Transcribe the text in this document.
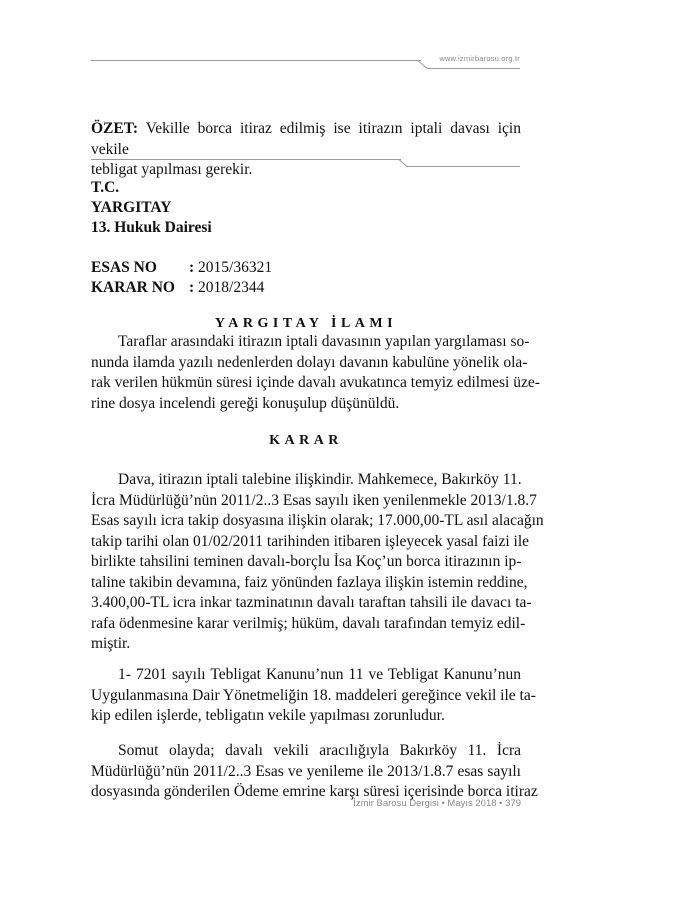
www.izmirbarosu.org.tr
ÖZET: Vekille borca itiraz edilmiş ise itirazın iptali davası için vekile
tebligat yapılması gerekir.
T.C.
YARGITAY
13. Hukuk Dairesi
ESAS NO : 2015/36321
KARAR NO : 2018/2344
YARGITAY İLAMI
Taraflar arasındaki itirazın iptali davasının yapılan yargılaması so-
nunda ilamda yazılı nedenlerden dolayı davanın kabulüne yönelik ola-
rak verilen hükmün süresi içinde davalı avukatınca temyiz edilmesi üze-
rine dosya incelendi gereği konuşulup düşünüldü.
KARAR
Dava, itirazın iptali talebine ilişkindir. Mahkemece, Bakırköy 11.
İcra Müdürlüğü’nün 2011/2..3 Esas sayılı iken yenilenmekle 2013/1.8.7
Esas sayılı icra takip dosyasına ilişkin olarak; 17.000,00-TL asıl alacağın
takip tarihi olan 01/02/2011 tarihinden itibaren işleyecek yasal faizi ile
birlikte tahsilini teminen davalı-borçlu İsa Koç’un borca itirazının ip-
taline takibin devamına, faiz yönünden fazlaya ilişkin istemin reddine,
3.400,00-TL icra inkar tazminatının davalı taraftan tahsili ile davacı ta-
rafa ödenmesine karar verilmiş; hüküm, davalı tarafından temyiz edil-
miştir.
1- 7201 sayılı Tebligat Kanunu’nun 11 ve Tebligat Kanunu’nun
Uygulanmasına Dair Yönetmeliğin 18. maddeleri gereğince vekil ile ta-
kip edilen işlerde, tebligatın vekile yapılması zorunludur.
Somut olayda; davalı vekili aracılığıyla Bakırköy 11. İcra
Müdürlüğü’nün 2011/2..3 Esas ve yenileme ile 2013/1.8.7 esas sayılı
dosyasında gönderilen Ödeme emrine karşı süresi içerisinde borca itiraz
İzmir Barosu Dergisi • Mayıs 2018 • 379
